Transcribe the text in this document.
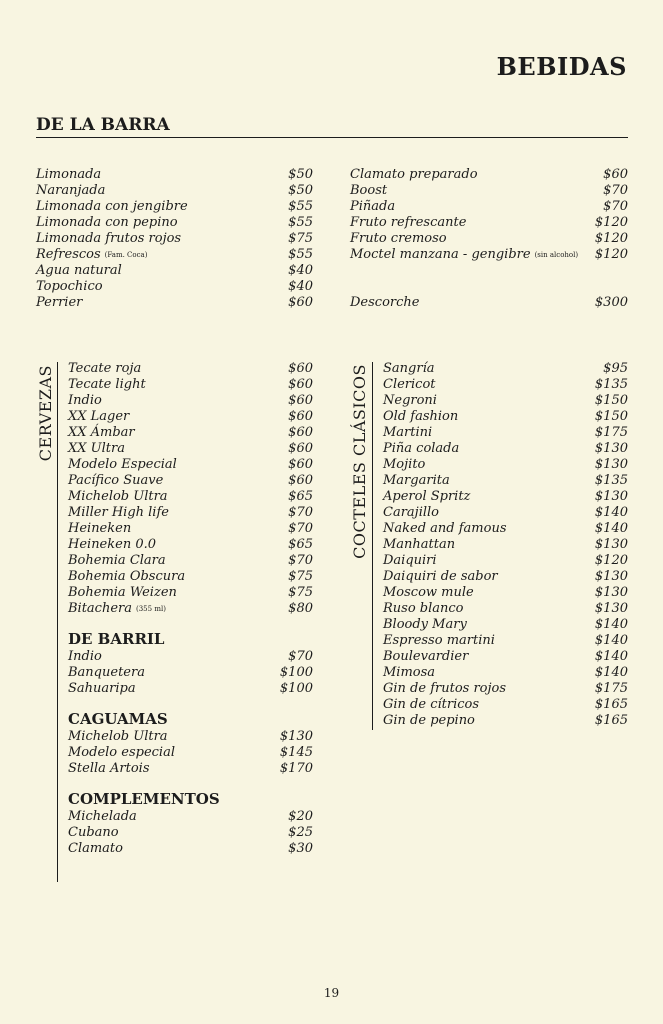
BEBIDAS
DE LA BARRA
Limonada	$50
Naranjada	$50
Limonada con jengibre	$55
Limonada con pepino	$55
Limonada frutos rojos	$75
Refrescos (Fam. Coca)	$55
Agua natural	$40
Topochico	$40
Perrier	$60
Clamato preparado	$60
Boost	$70
Piñada	$70
Fruto refrescante	$120
Fruto cremoso	$120
Moctel manzana - gengibre (sin alcohol) $120
Descorche	$300
CERVEZAS Tecate roja	$60
Tecate light	$60
Indio	$60
XX Lager	$60
XX Ámbar	$60
XX Ultra	$60
Modelo Especial	$60
Pacífico Suave	$60
Michelob Ultra	$65
Miller High life	$70
Heineken	$70
Heineken 0.0	$65
Bohemia Clara	$70
Bohemia Obscura	$75
Bohemia Weizen	$75
Bitachera (355 ml)	$80
DE BARRIL
Indio	$70
Banquetera	$100
Sahuaripa	$100
CAGUAMAS
Michelob Ultra	$130
Modelo especial	$145
Stella Artois	$170
COMPLEMENTOS
Michelada	$20
Cubano	$25
Clamato	$30
COCTELES CLÁSICOS Sangría	$95
Clericot	$135
Negroni	$150
Old fashion	$150
Martini	$175
Piña colada	$130
Mojito	$130
Margarita	$135
Aperol Spritz	$130
Carajillo	$140
Naked and famous	$140
Manhattan	$130
Daiquiri	$120
Daiquiri de sabor	$130
Moscow mule	$130
Ruso blanco	$130
Bloody Mary	$140
Espresso martini	$140
Boulevardier	$140
Mimosa	$140
Gin de frutos rojos	$175
Gin de cítricos	$165
Gin de pepino	$165
19
